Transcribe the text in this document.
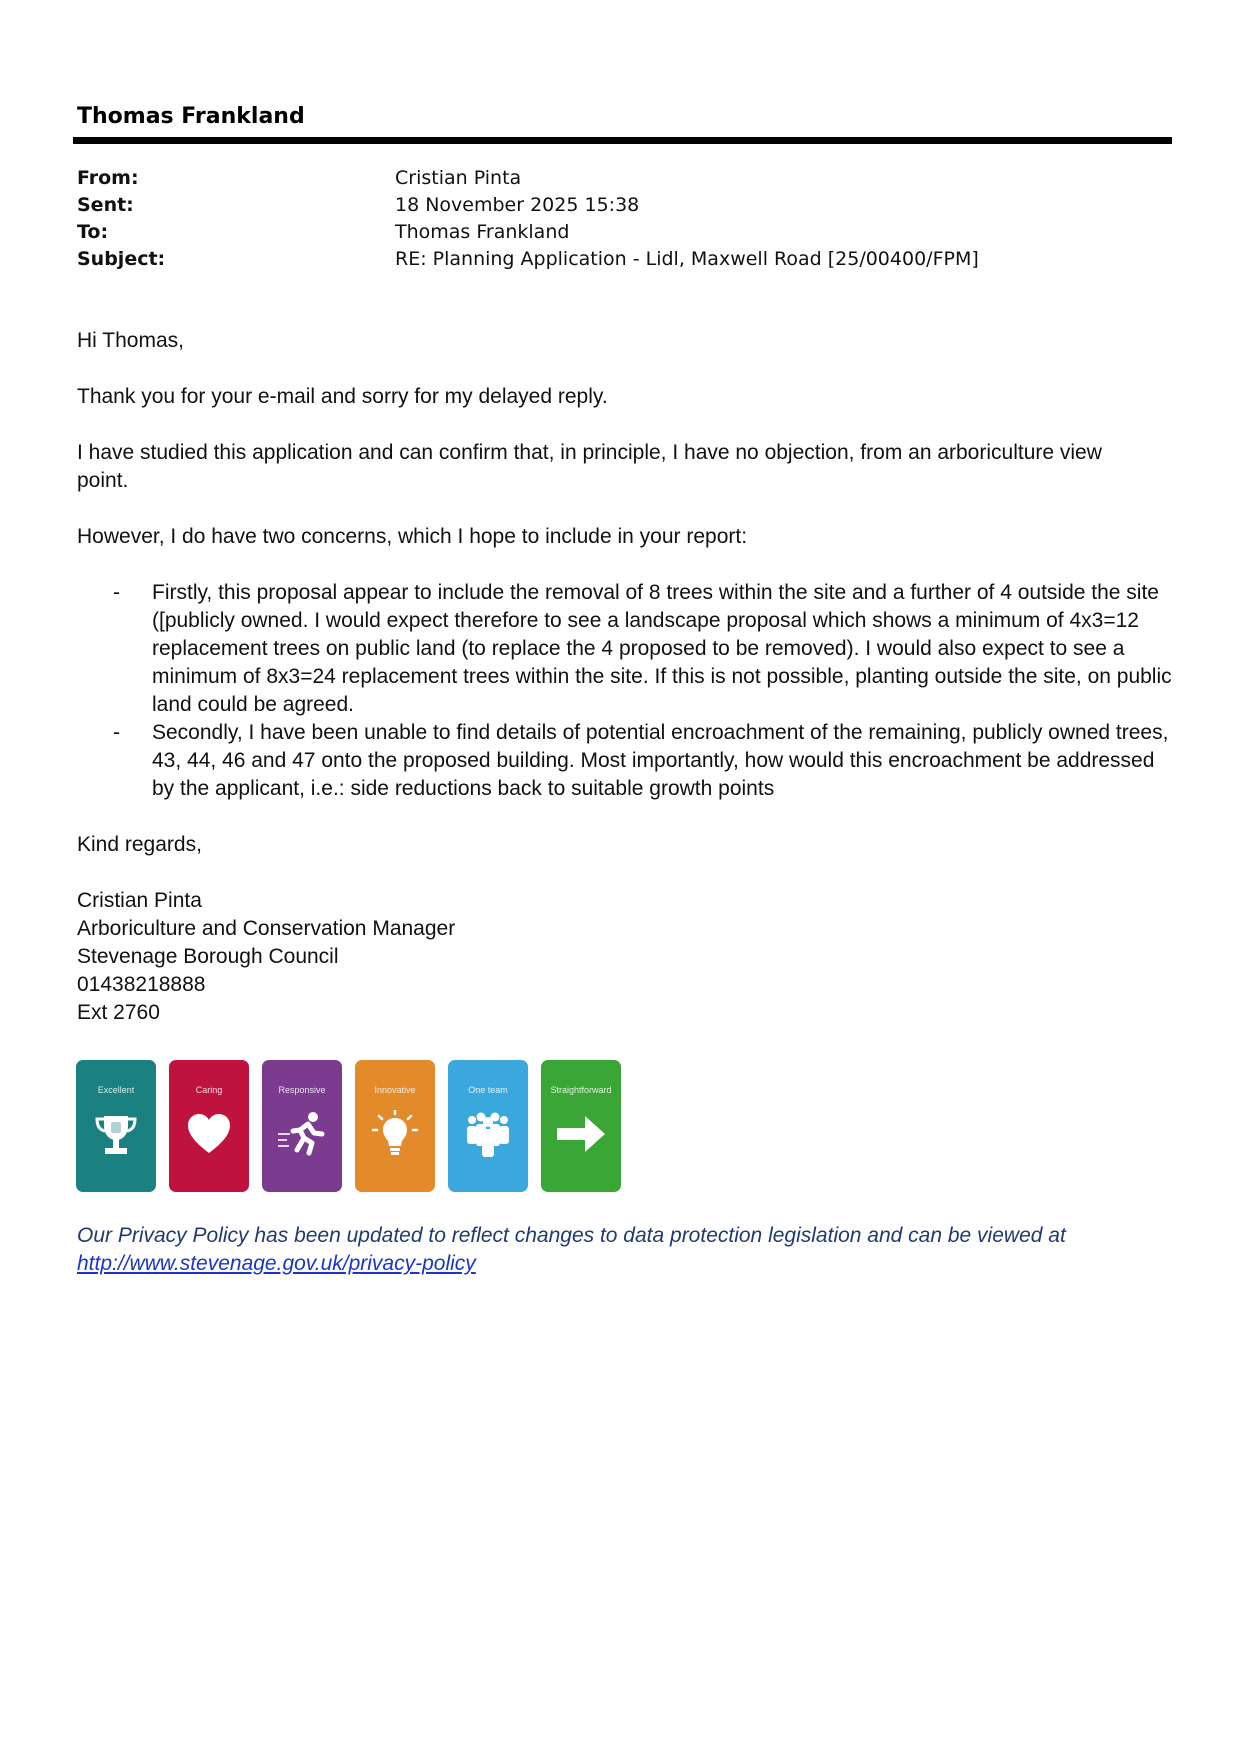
Thomas Frankland
From:	Cristian Pinta
Sent:	18 November 2025 15:38
To:	Thomas Frankland
Subject:	RE: Planning Application - Lidl, Maxwell Road [25/00400/FPM]

Hi Thomas,

Thank you for your e-mail and sorry for my delayed reply.

I have studied this application and can confirm that, in principle, I have no objection, from an arboriculture view point.

However, I do have two concerns, which I hope to include in your report:

- Firstly, this proposal appear to include the removal of 8 trees within the site and a further of 4 outside the site ([publicly owned. I would expect therefore to see a landscape proposal which shows a minimum of 4x3=12 replacement trees on public land (to replace the 4 proposed to be removed). I would also expect to see a minimum of 8x3=24 replacement trees within the site. If this is not possible, planting outside the site, on public land could be agreed.
- Secondly, I have been unable to find details of potential encroachment of the remaining, publicly owned trees, 43, 44, 46 and 47 onto the proposed building. Most importantly, how would this encroachment be addressed by the applicant, i.e.: side reductions back to suitable growth points

Kind regards,

Cristian Pinta
Arboriculture and Conservation Manager
Stevenage Borough Council
01438218888
Ext 2760
Excellent	Caring	Responsive	Innovative	One team	Straightforward
Our Privacy Policy has been updated to reflect changes to data protection legislation and can be viewed at
http://www.stevenage.gov.uk/privacy-policy
